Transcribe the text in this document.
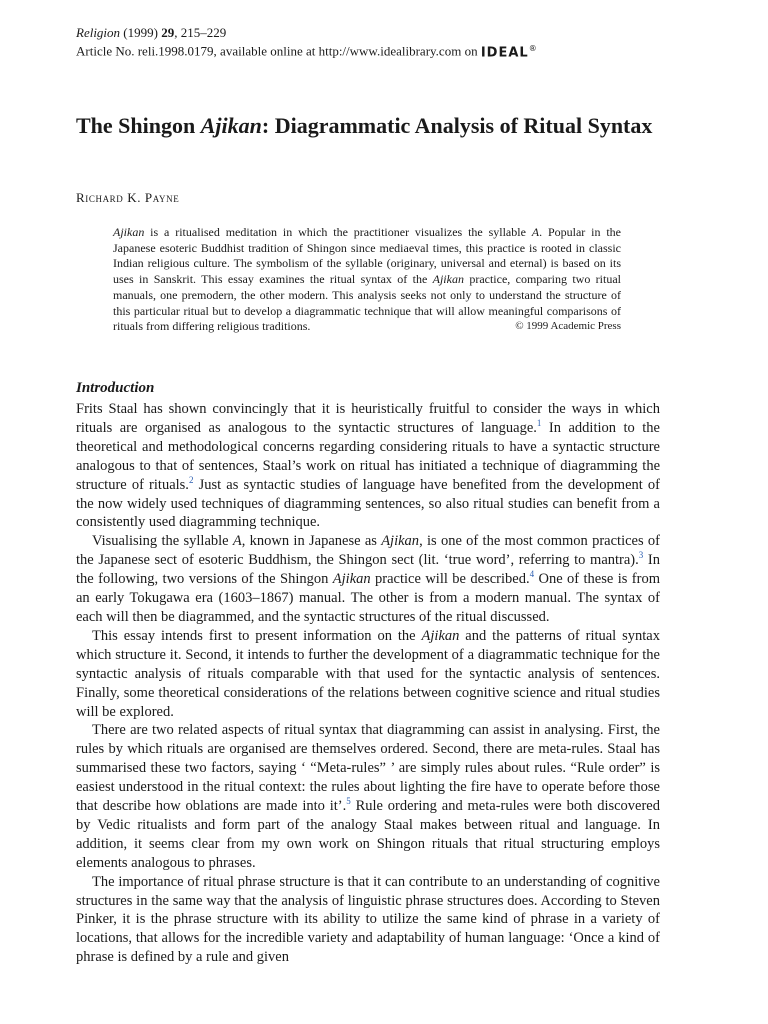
Religion (1999) 29, 215–229
Article No. reli.1998.0179, available online at http://www.idealibrary.com on IDEAL®
The Shingon Ajikan: Diagrammatic Analysis of Ritual Syntax
Richard K. Payne

Ajikan is a ritualised meditation in which the practitioner visualizes the syllable A. Popular in the Japanese esoteric Buddhist tradition of Shingon since mediaeval times, this practice is rooted in classic Indian religious culture. The symbolism of the syllable (originary, universal and eternal) is based on its uses in Sanskrit. This essay examines the ritual syntax of the Ajikan practice, comparing two ritual manuals, one premodern, the other modern. This analysis seeks not only to understand the structure of this particular ritual but to develop a diagrammatic technique that will allow meaningful comparisons of rituals from differing religious traditions.	© 1999 Academic Press

Introduction

Frits Staal has shown convincingly that it is heuristically fruitful to consider the ways in which rituals are organised as analogous to the syntactic structures of language.$^1$ In addition to the theoretical and methodological concerns regarding considering rituals to have a syntactic structure analogous to that of sentences, Staal’s work on ritual has initiated a technique of diagramming the structure of rituals.$^2$ Just as syntactic studies of language have benefited from the development of the now widely used techniques of diagramming sentences, so also ritual studies can benefit from a consistently used diagramming technique.

Visualising the syllable A, known in Japanese as Ajikan, is one of the most common practices of the Japanese sect of esoteric Buddhism, the Shingon sect (lit. ‘true word’, referring to mantra).$^3$ In the following, two versions of the Shingon Ajikan practice will be described.$^4$ One of these is from an early Tokugawa era (1603–1867) manual. The other is from a modern manual. The syntax of each will then be diagrammed, and the syntactic structures of the ritual discussed.

This essay intends first to present information on the Ajikan and the patterns of ritual syntax which structure it. Second, it intends to further the development of a diagrammatic technique for the syntactic analysis of rituals comparable with that used for the syntactic analysis of sentences. Finally, some theoretical considerations of the relations between cognitive science and ritual studies will be explored.

There are two related aspects of ritual syntax that diagramming can assist in analysing. First, the rules by which rituals are organised are themselves ordered. Second, there are meta-rules. Staal has summarised these two factors, saying ‘ “Meta-rules” ’ are simply rules about rules. “Rule order” is easiest understood in the ritual context: the rules about lighting the fire have to operate before those that describe how oblations are made into it’.$^5$ Rule ordering and meta-rules were both discovered by Vedic ritualists and form part of the analogy Staal makes between ritual and language. In addition, it seems clear from my own work on Shingon rituals that ritual structuring employs elements analogous to phrases.

The importance of ritual phrase structure is that it can contribute to an understanding of cognitive structures in the same way that the analysis of linguistic phrase structures does. According to Steven Pinker, it is the phrase structure with its ability to utilize the same kind of phrase in a variety of locations, that allows for the incredible variety and adaptability of human language: ‘Once a kind of phrase is defined by a rule and given
